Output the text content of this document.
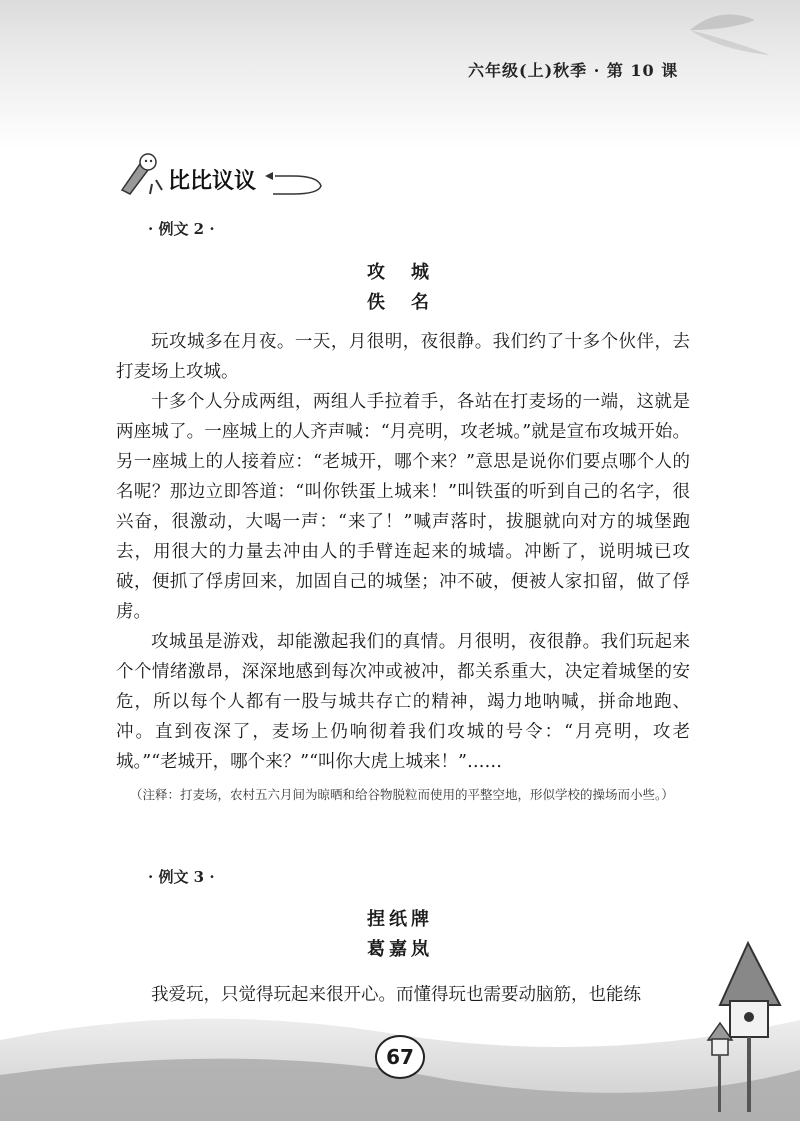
六年级(上)秋季 · 第 10 课
比比议议
· 例文 2 ·
攻　城
佚　名

玩攻城多在月夜。一天，月很明，夜很静。我们约了十多个伙伴，去打麦场上攻城。

十多个人分成两组，两组人手拉着手，各站在打麦场的一端，这就是两座城了。一座城上的人齐声喊：“月亮明，攻老城。”就是宣布攻城开始。另一座城上的人接着应：“老城开，哪个来？”意思是说你们要点哪个人的名呢？那边立即答道：“叫你铁蛋上城来！”叫铁蛋的听到自己的名字，很兴奋，很激动，大喝一声：“来了！”喊声落时，拔腿就向对方的城堡跑去，用很大的力量去冲由人的手臂连起来的城墙。冲断了，说明城已攻破，便抓了俘虏回来，加固自己的城堡；冲不破，便被人家扣留，做了俘虏。

攻城虽是游戏，却能激起我们的真情。月很明，夜很静。我们玩起来个个情绪激昂，深深地感到每次冲或被冲，都关系重大，决定着城堡的安危，所以每个人都有一股与城共存亡的精神，竭力地呐喊，拼命地跑、冲。直到夜深了，麦场上仍响彻着我们攻城的号令：“月亮明，攻老城。”“老城开，哪个来？”“叫你大虎上城来！”……

（注释：打麦场，农村五六月间为晾晒和给谷物脱粒而使用的平整空地，形似学校的操场而小些。）

· 例文 3 ·
捏纸牌
葛嘉岚

我爱玩，只觉得玩起来很开心。而懂得玩也需要动脑筋，也能练

67
